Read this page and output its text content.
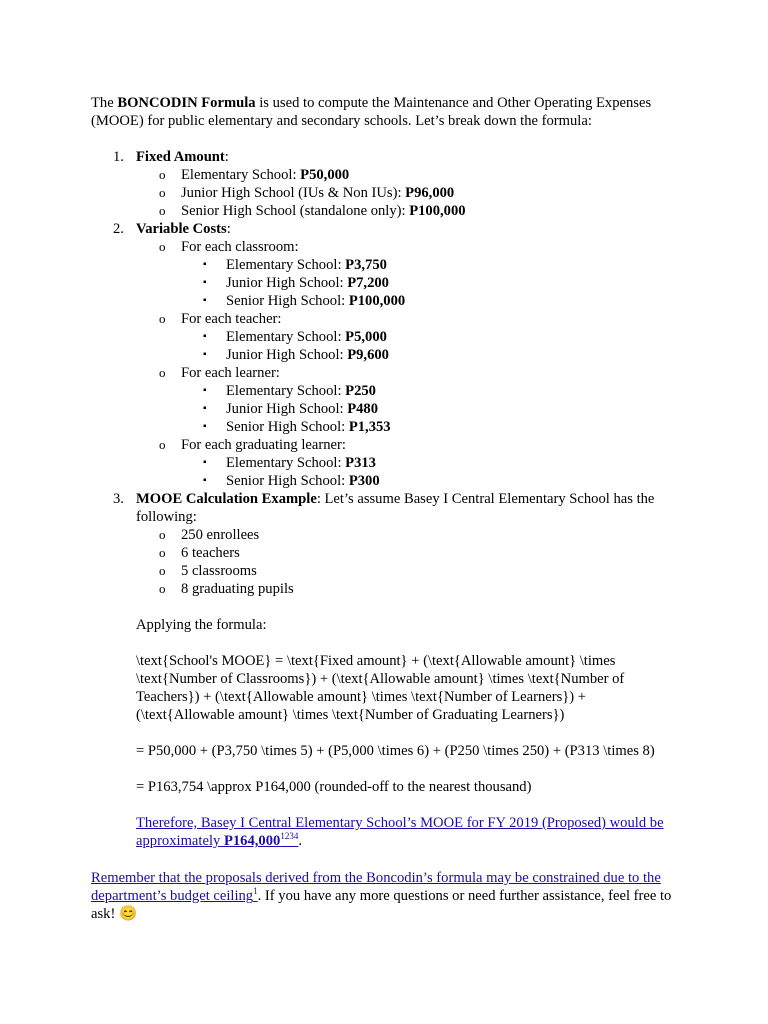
The BONCODIN Formula is used to compute the Maintenance and Other Operating Expenses (MOOE) for public elementary and secondary schools. Let’s break down the formula:
1. Fixed Amount:
o Elementary School: P50,000
o Junior High School (IUs & Non IUs): P96,000
o Senior High School (standalone only): P100,000
2. Variable Costs:
o For each classroom:
▪ Elementary School: P3,750
▪ Junior High School: P7,200
▪ Senior High School: P100,000
o For each teacher:
▪ Elementary School: P5,000
▪ Junior High School: P9,600
o For each learner:
▪ Elementary School: P250
▪ Junior High School: P480
▪ Senior High School: P1,353
o For each graduating learner:
▪ Elementary School: P313
▪ Senior High School: P300
3. MOOE Calculation Example: Let’s assume Basey I Central Elementary School has the following:
o 250 enrollees
o 6 teachers
o 5 classrooms
o 8 graduating pupils
Applying the formula:
\text{School's MOOE} = \text{Fixed amount} + (\text{Allowable amount} \times \text{Number of Classrooms}) + (\text{Allowable amount} \times \text{Number of Teachers}) + (\text{Allowable amount} \times \text{Number of Learners}) + (\text{Allowable amount} \times \text{Number of Graduating Learners})
= P50,000 + (P3,750 \times 5) + (P5,000 \times 6) + (P250 \times 250) + (P313 \times 8)
= P163,754 \approx P164,000 (rounded-off to the nearest thousand)
Therefore, Basey I Central Elementary School’s MOOE for FY 2019 (Proposed) would be approximately $P164,000^{1234}$.
Remember that the proposals derived from the Boncodin’s formula may be constrained due to the department’s budget ceiling$^1$. If you have any more questions or need further assistance, feel free to ask! 😊
